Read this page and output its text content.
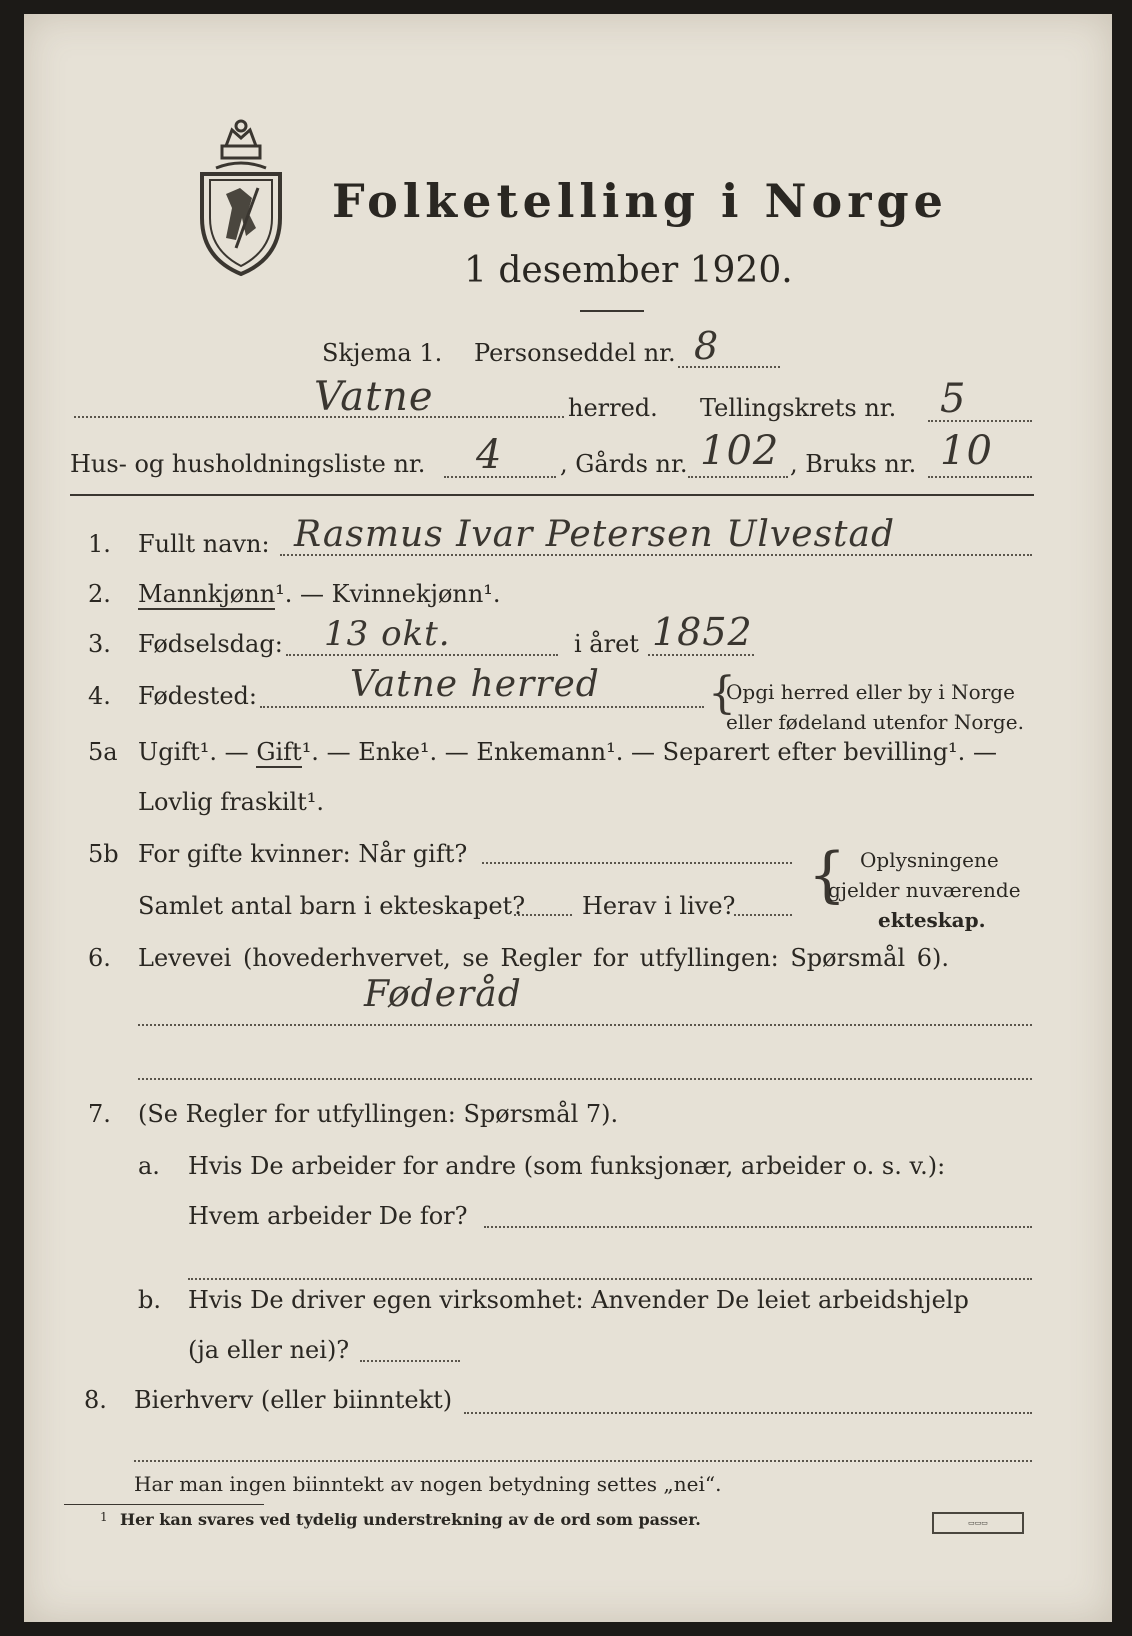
Folketelling i Norge
1 desember 1920.
Skjema 1. Personseddel nr. 8
Vatne	herred. Tellingskrets nr. 5
Hus- og husholdningsliste nr. 4 , Gårds nr. 102 , Bruks nr. 10
1. Fullt navn: Rasmus Ivar Petersen Ulvestad
2. Mannkjønn¹. — Kvinnekjønn¹.
3. Fødselsdag: 13 okt.	i året 1852
4. Fødested:	Vatne herred {
Opgi herred eller by i Norge
eller fødeland utenfor Norge.
5a Ugift¹. — Gift¹. — Enke¹. — Enkemann¹. — Separert efter bevilling¹. —
Lovlig fraskilt¹.
5b For gifte kvinner: Når gift?
Samlet antal barn i ekteskapet? Herav i live? { Oplysningene
gjelder nuværende
ekteskap.
6. Levevei (hovederhvervet, se Regler for utfyllingen: Spørsmål 6).
Føderåd
7. (Se Regler for utfyllingen: Spørsmål 7).
a. Hvis De arbeider for andre (som funksjonær, arbeider o. s. v.):
Hvem arbeider De for?
b. Hvis De driver egen virksomhet: Anvender De leiet arbeidshjelp
(ja eller nei)?
8. Bierhverv (eller biinntekt)
Har man ingen biinntekt av nogen betydning settes „nei“.
1 Her kan svares ved tydelig understrekning av de ord som passer.	▭▭▭
